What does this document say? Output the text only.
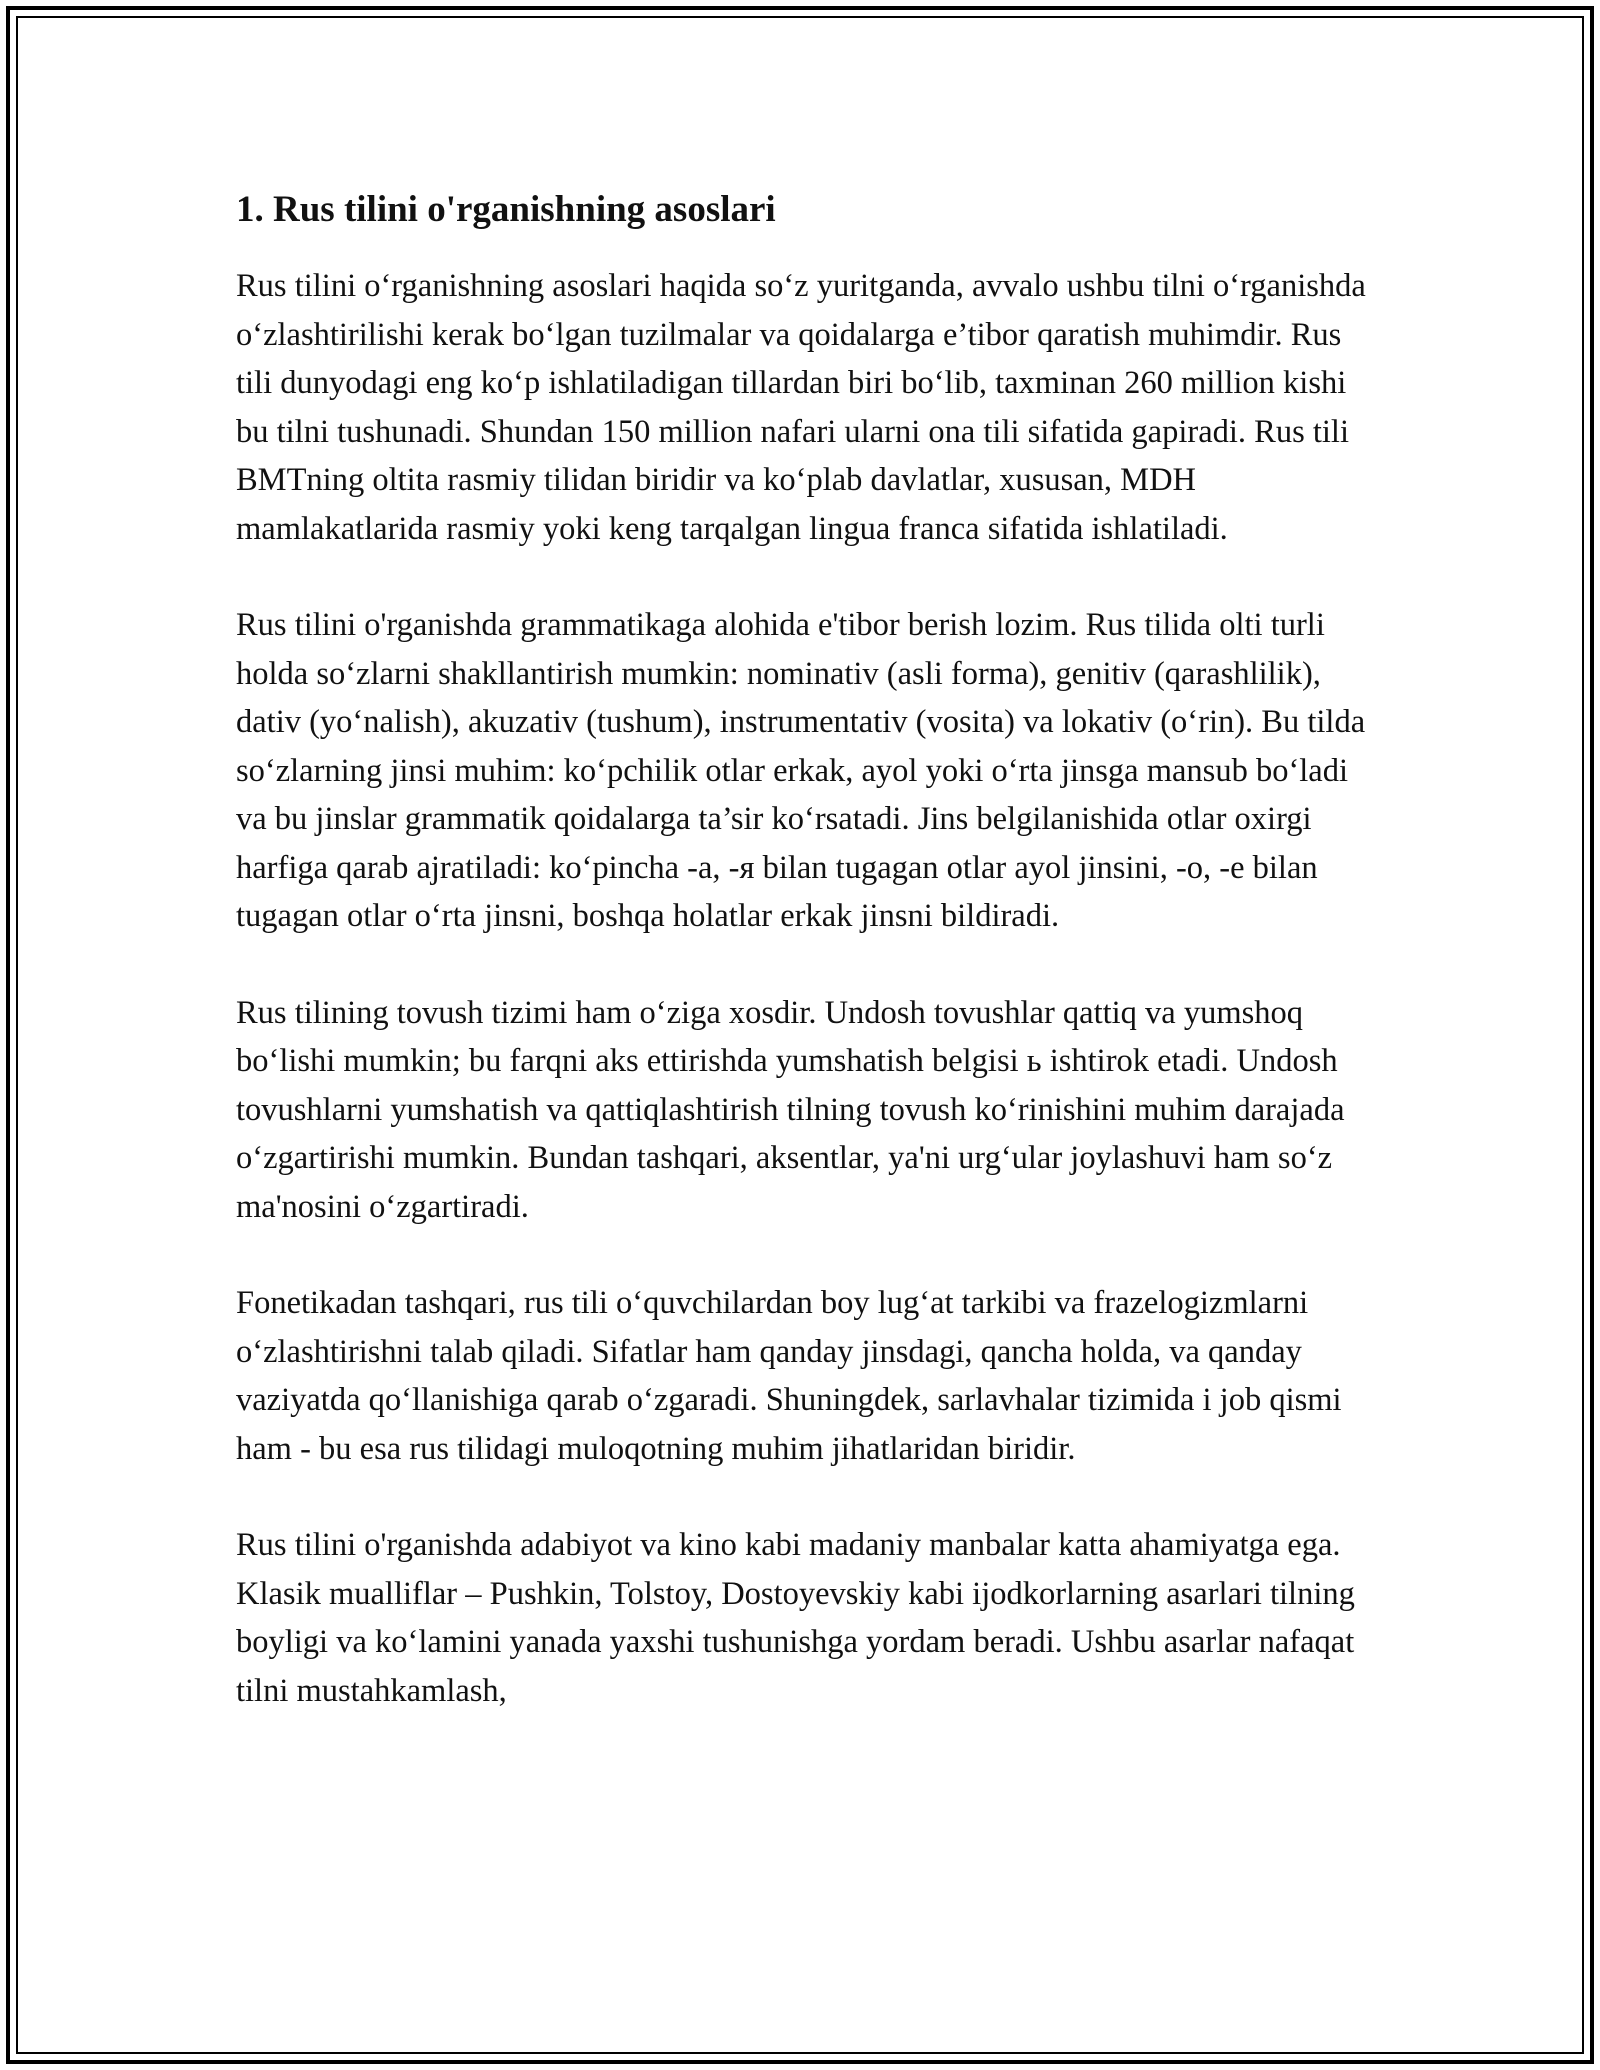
1. Rus tilini o'rganishning asoslari

Rus tilini o‘rganishning asoslari haqida so‘z yuritganda, avvalo ushbu tilni o‘rganishda o‘zlashtirilishi kerak bo‘lgan tuzilmalar va qoidalarga e’tibor qaratish muhimdir. Rus tili dunyodagi eng ko‘p ishlatiladigan tillardan biri bo‘lib, taxminan 260 million kishi bu tilni tushunadi. Shundan 150 million nafari ularni ona tili sifatida gapiradi. Rus tili BMTning oltita rasmiy tilidan biridir va ko‘plab davlatlar, xususan, MDH mamlakatlarida rasmiy yoki keng tarqalgan lingua franca sifatida ishlatiladi.

Rus tilini o'rganishda grammatikaga alohida e'tibor berish lozim. Rus tilida olti turli holda so‘zlarni shakllantirish mumkin: nominativ (asli forma), genitiv (qarashlilik), dativ (yo‘nalish), akuzativ (tushum), instrumentativ (vosita) va lokativ (o‘rin). Bu tilda so‘zlarning jinsi muhim: ko‘pchilik otlar erkak, ayol yoki o‘rta jinsga mansub bo‘ladi va bu jinslar grammatik qoidalarga ta’sir ko‘rsatadi. Jins belgilanishida otlar oxirgi harfiga qarab ajratiladi: ko‘pincha -а, -я bilan tugagan otlar ayol jinsini, -о, -е bilan tugagan otlar o‘rta jinsni, boshqa holatlar erkak jinsni bildiradi.

Rus tilining tovush tizimi ham o‘ziga xosdir. Undosh tovushlar qattiq va yumshoq bo‘lishi mumkin; bu farqni aks ettirishda yumshatish belgisi ь ishtirok etadi. Undosh tovushlarni yumshatish va qattiqlashtirish tilning tovush ko‘rinishini muhim darajada o‘zgartirishi mumkin. Bundan tashqari, aksentlar, ya'ni urg‘ular joylashuvi ham so‘z ma'nosini o‘zgartiradi.

Fonetikadan tashqari, rus tili o‘quvchilardan boy lug‘at tarkibi va frazelogizmlarni o‘zlashtirishni talab qiladi. Sifatlar ham qanday jinsdagi, qancha holda, va qanday vaziyatda qo‘llanishiga qarab o‘zgaradi. Shuningdek, sarlavhalar tizimida i job qismi ham - bu esa rus tilidagi muloqotning muhim jihatlaridan biridir.

Rus tilini o'rganishda adabiyot va kino kabi madaniy manbalar katta ahamiyatga ega. Klasik mualliflar – Pushkin, Tolstoy, Dostoyevskiy kabi ijodkorlarning asarlari tilning boyligi va ko‘lamini yanada yaxshi tushunishga yordam beradi. Ushbu asarlar nafaqat tilni mustahkamlash,
